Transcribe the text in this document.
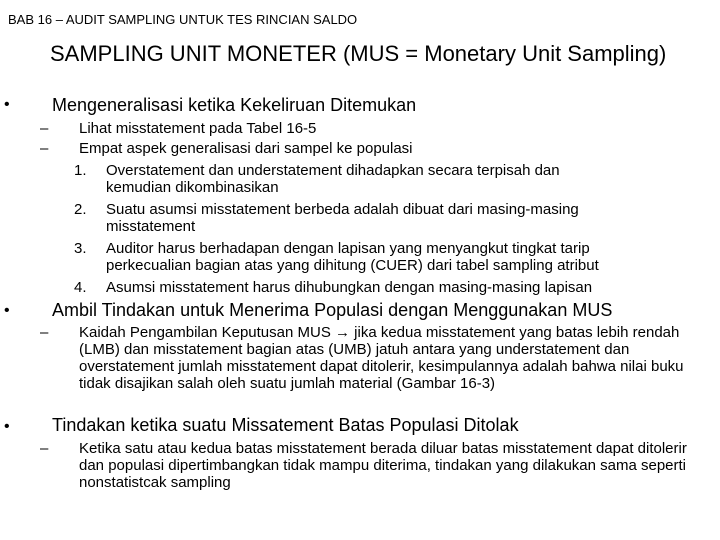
BAB 16 – AUDIT SAMPLING UNTUK TES RINCIAN SALDO
SAMPLING UNIT MONETER (MUS = Monetary Unit Sampling)
• Mengeneralisasi ketika Kekeliruan Ditemukan
– Lihat misstatement pada Tabel 16-5
– Empat aspek generalisasi dari sampel ke populasi
1. Overstatement dan understatement dihadapkan secara terpisah dan
kemudian dikombinasikan
2. Suatu asumsi misstatement berbeda adalah dibuat dari masing-masing
misstatement
3. Auditor harus berhadapan dengan lapisan yang menyangkut tingkat tarip
perkecualian bagian atas yang dihitung (CUER) dari tabel sampling atribut
4. Asumsi misstatement harus dihubungkan dengan masing-masing lapisan
• Ambil Tindakan untuk Menerima Populasi dengan Menggunakan MUS
– Kaidah Pengambilan Keputusan MUS → jika kedua misstatement yang batas lebih rendah (LMB) dan misstatement bagian atas (UMB) jatuh antara yang understatement dan overstatement jumlah misstatement dapat ditolerir, kesimpulannya adalah bahwa nilai buku tidak disajikan salah oleh suatu jumlah material (Gambar 16-3)
• Tindakan ketika suatu Missatement Batas Populasi Ditolak
– Ketika satu atau kedua batas misstatement berada diluar batas misstatement dapat ditolerir dan populasi dipertimbangkan tidak mampu diterima, tindakan yang dilakukan sama seperti nonstatistcak sampling
